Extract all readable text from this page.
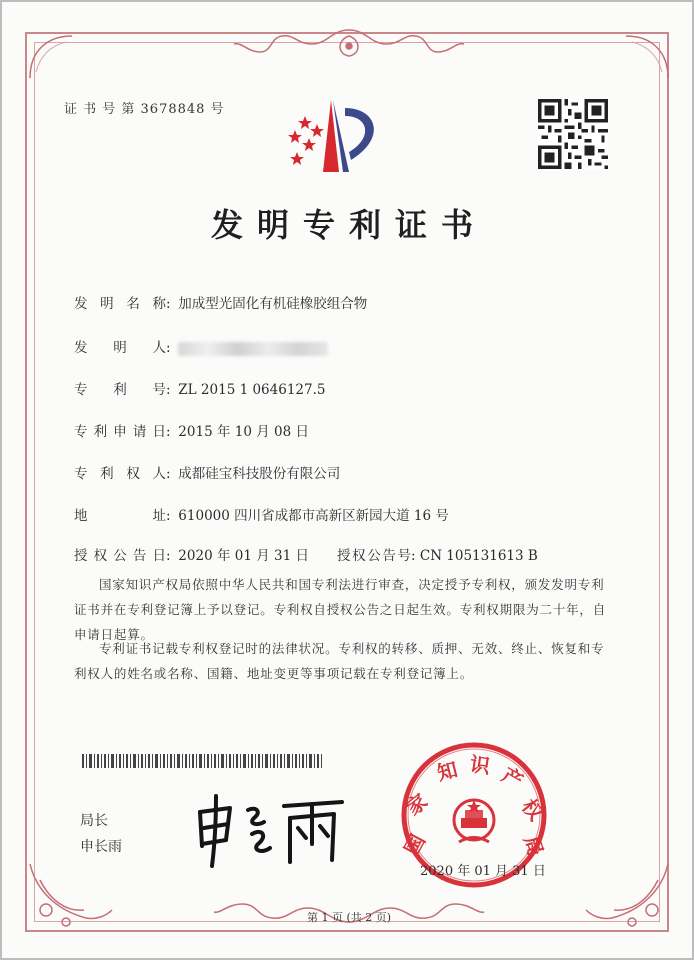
证 书 号 第 3678848 号
发明专利证书
发明名称: 加成型光固化有机硅橡胶组合物
发明人:
专利号: ZL 2015 1 0646127.5
专利申请日: 2015 年 10 月 08 日
专利权人: 成都硅宝科技股份有限公司
地址: 610000 四川省成都市高新区新园大道 16 号
授权公告日: 2020 年 01 月 31 日 授权公告号: CN 105131613 B
国家知识产权局依照中华人民共和国专利法进行审查，决定授予专利权，颁发发明专利证书并在专利登记簿上予以登记。专利权自授权公告之日起生效。专利权期限为二十年，自申请日起算。
专利证书记载专利权登记时的法律状况。专利权的转移、质押、无效、终止、恢复和专利权人的姓名或名称、国籍、地址变更等事项记载在专利登记簿上。
局长
申长雨	国
家
知 识 产
权
局
2020 年 01 月 31 日
第 1 页 (共 2 页)
